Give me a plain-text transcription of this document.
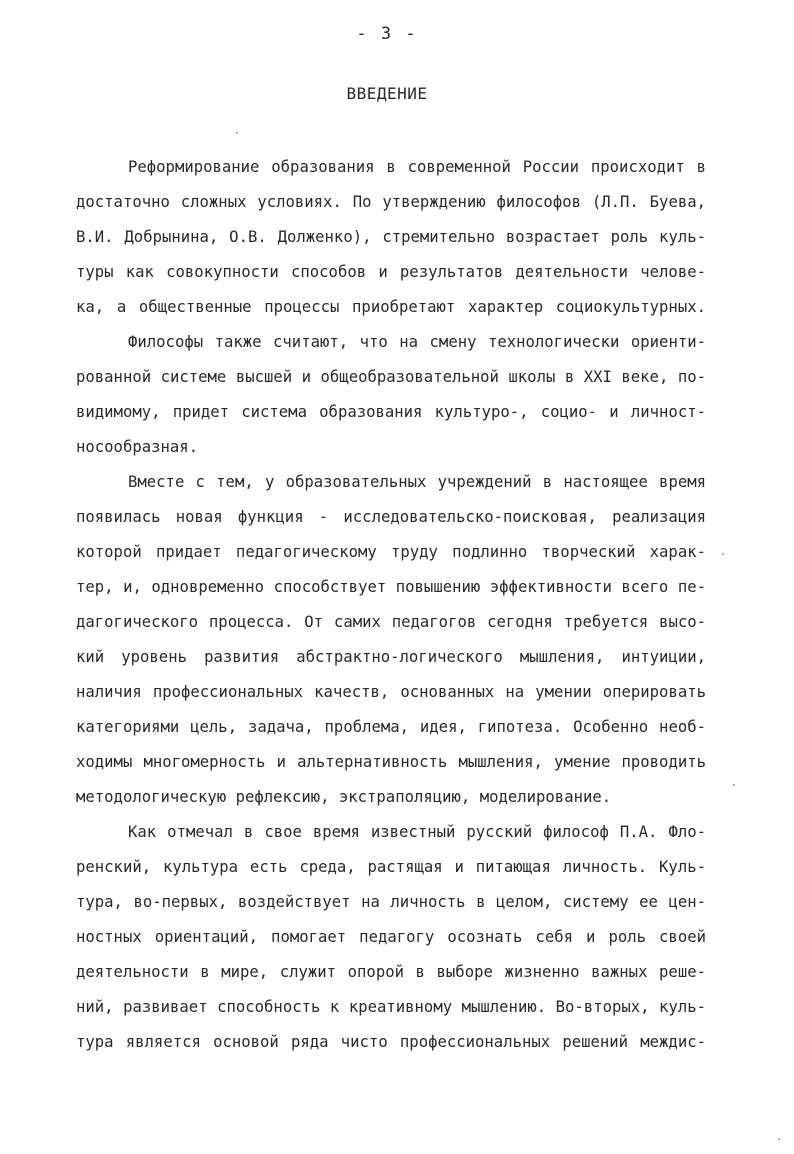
- 3 -
ВВЕДЕНИЕ
Реформирование образования в современной России происходит в
достаточно сложных условиях. По утверждению философов (Л.П. Буева,
В.И. Добрынина, О.В. Долженко), стремительно возрастает роль куль-
туры как совокупности способов и результатов деятельности челове-
ка, а общественные процессы приобретают характер социокультурных.
Философы также считают, что на смену технологически ориенти-
рованной системе высшей и общеобразовательной школы в XXI веке, по-
видимому, придет система образования культуро-, социо- и личност-
носообразная.
Вместе с тем, у образовательных учреждений в настоящее время
появилась новая функция - исследовательско-поисковая, реализация
которой придает педагогическому труду подлинно творческий харак-
тер, и, одновременно способствует повышению эффективности всего пе-
дагогического процесса. От самих педагогов сегодня требуется высо-
кий уровень развития абстрактно-логического мышления, интуиции,
наличия профессиональных качеств, основанных на умении оперировать
категориями цель, задача, проблема, идея, гипотеза. Особенно необ-
ходимы многомерность и альтернативность мышления, умение проводить
методологическую рефлексию, экстраполяцию, моделирование.
Как отмечал в свое время известный русский философ П.А. Фло-
ренский, культура есть среда, растящая и питающая личность. Куль-
тура, во-первых, воздействует на личность в целом, систему ее цен-
ностных ориентаций, помогает педагогу осознать себя и роль своей
деятельности в мире, служит опорой в выборе жизненно важных реше-
ний, развивает способность к креативному мышлению. Во-вторых, куль-
тура является основой ряда чисто профессиональных решений междис-
